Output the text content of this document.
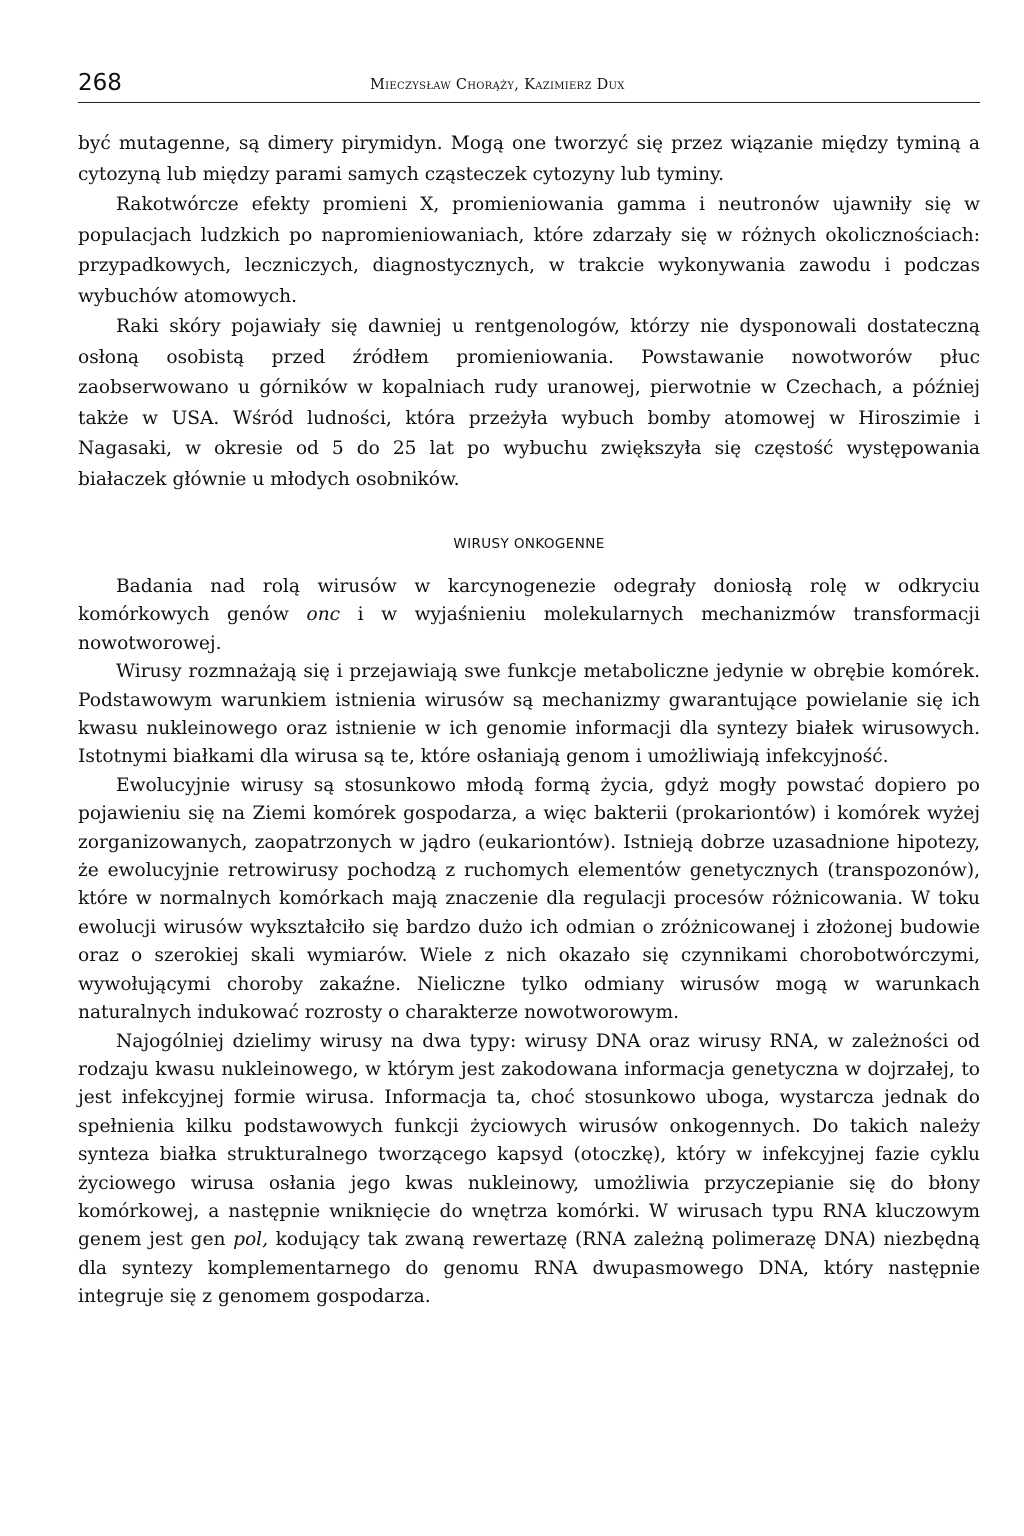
268	Mieczysław Chorąży, Kazimierz Dux

być mutagenne, są dimery pirymidyn. Mogą one tworzyć się przez wiązanie między tyminą a cytozyną lub między parami samych cząsteczek cytozyny lub tyminy.

Rakotwórcze efekty promieni X, promieniowania gamma i neutronów ujawniły się w populacjach ludzkich po napromieniowaniach, które zdarzały się w różnych okolicznościach: przypadkowych, leczniczych, diagnostycznych, w trakcie wykonywania zawodu i podczas wybuchów atomowych.

Raki skóry pojawiały się dawniej u rentgenologów, którzy nie dysponowali dostateczną osłoną osobistą przed źródłem promieniowania. Powstawanie nowotworów płuc zaobserwowano u górników w kopalniach rudy uranowej, pierwotnie w Czechach, a później także w USA. Wśród ludności, która przeżyła wybuch bomby atomowej w Hiroszimie i Nagasaki, w okresie od 5 do 25 lat po wybuchu zwiększyła się częstość występowania białaczek głównie u młodych osobników.

WIRUSY ONKOGENNE

Badania nad rolą wirusów w karcynogenezie odegrały doniosłą rolę w odkryciu komórkowych genów onc i w wyjaśnieniu molekularnych mechanizmów transformacji nowotworowej.

Wirusy rozmnażają się i przejawiają swe funkcje metaboliczne jedynie w obrębie komórek. Podstawowym warunkiem istnienia wirusów są mechanizmy gwarantujące powielanie się ich kwasu nukleinowego oraz istnienie w ich genomie informacji dla syntezy białek wirusowych. Istotnymi białkami dla wirusa są te, które osłaniają genom i umożliwiają infekcyjność.

Ewolucyjnie wirusy są stosunkowo młodą formą życia, gdyż mogły powstać dopiero po pojawieniu się na Ziemi komórek gospodarza, a więc bakterii (prokariontów) i komórek wyżej zorganizowanych, zaopatrzonych w jądro (eukariontów). Istnieją dobrze uzasadnione hipotezy, że ewolucyjnie retrowirusy pochodzą z ruchomych elementów genetycznych (transpozonów), które w normalnych komórkach mają znaczenie dla regulacji procesów różnicowania. W toku ewolucji wirusów wykształciło się bardzo dużo ich odmian o zróżnicowanej i złożonej budowie oraz o szerokiej skali wymiarów. Wiele z nich okazało się czynnikami chorobotwórczymi, wywołującymi choroby zakaźne. Nieliczne tylko odmiany wirusów mogą w warunkach naturalnych indukować rozrosty o charakterze nowotworowym.

Najogólniej dzielimy wirusy na dwa typy: wirusy DNA oraz wirusy RNA, w zależności od rodzaju kwasu nukleinowego, w którym jest zakodowana informacja genetyczna w dojrzałej, to jest infekcyjnej formie wirusa. Informacja ta, choć stosunkowo uboga, wystarcza jednak do spełnienia kilku podstawowych funkcji życiowych wirusów onkogennych. Do takich należy synteza białka strukturalnego tworzącego kapsyd (otoczkę), który w infekcyjnej fazie cyklu życiowego wirusa osłania jego kwas nukleinowy, umożliwia przyczepianie się do błony komórkowej, a następnie wniknięcie do wnętrza komórki. W wirusach typu RNA kluczowym genem jest gen pol, kodujący tak zwaną rewertazę (RNA zależną polimerazę DNA) niezbędną dla syntezy komplementarnego do genomu RNA dwupasmowego DNA, który następnie integruje się z genomem gospodarza.
